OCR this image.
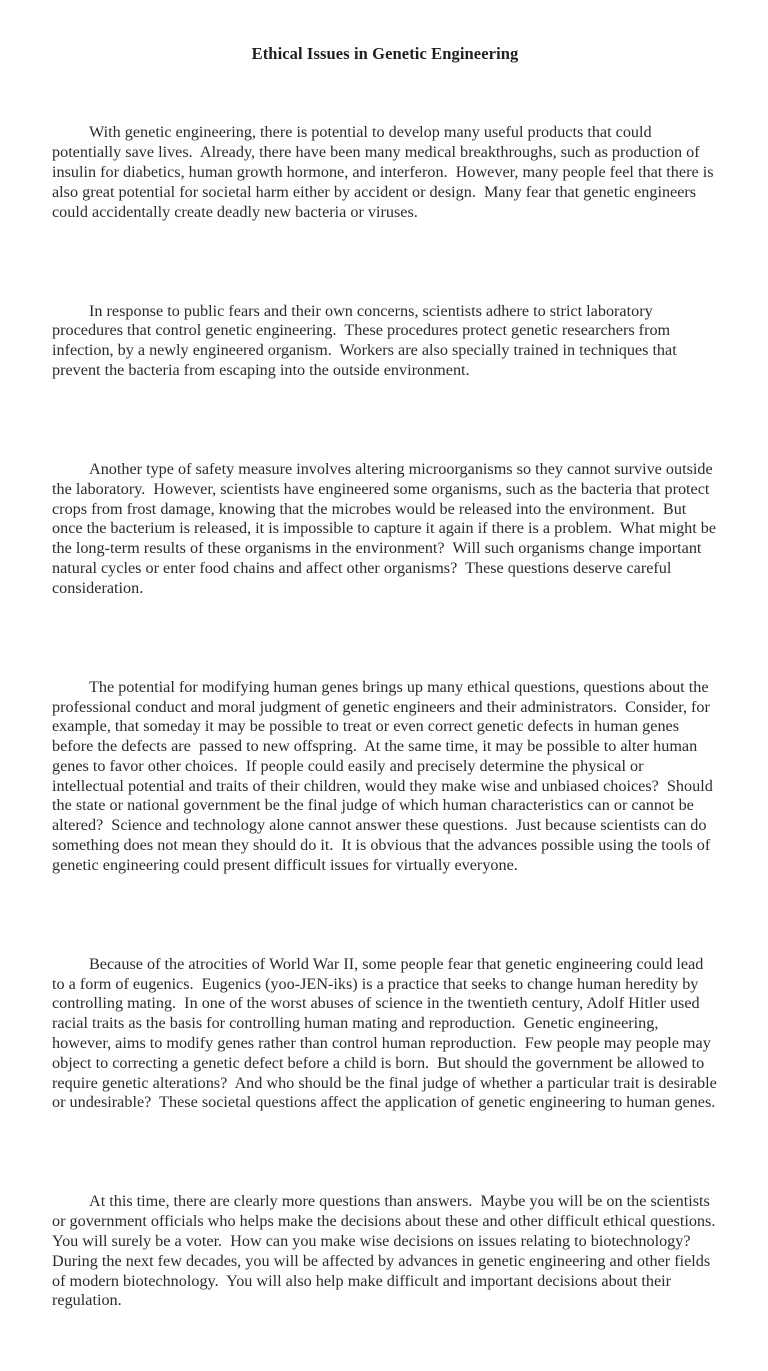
Ethical Issues in Genetic Engineering

With genetic engineering, there is potential to develop many useful products that could potentially save lives.  Already, there have been many medical breakthroughs, such as production of insulin for diabetics, human growth hormone, and interferon.  However, many people feel that there is also great potential for societal harm either by accident or design.  Many fear that genetic engineers could accidentally create deadly new bacteria or viruses.

In response to public fears and their own concerns, scientists adhere to strict laboratory procedures that control genetic engineering.  These procedures protect genetic researchers from infection, by a newly engineered organism.  Workers are also specially trained in techniques that prevent the bacteria from escaping into the outside environment.

Another type of safety measure involves altering microorganisms so they cannot survive outside the laboratory.  However, scientists have engineered some organisms, such as the bacteria that protect crops from frost damage, knowing that the microbes would be released into the environment.  But once the bacterium is released, it is impossible to capture it again if there is a problem.  What might be the long-term results of these organisms in the environment?  Will such organisms change important natural cycles or enter food chains and affect other organisms?  These questions deserve careful consideration.

The potential for modifying human genes brings up many ethical questions, questions about the professional conduct and moral judgment of genetic engineers and their administrators.  Consider, for example, that someday it may be possible to treat or even correct genetic defects in human genes before the defects are  passed to new offspring.  At the same time, it may be possible to alter human genes to favor other choices.  If people could easily and precisely determine the physical or intellectual potential and traits of their children, would they make wise and unbiased choices?  Should the state or national government be the final judge of which human characteristics can or cannot be altered?  Science and technology alone cannot answer these questions.  Just because scientists can do something does not mean they should do it.  It is obvious that the advances possible using the tools of genetic engineering could present difficult issues for virtually everyone.

Because of the atrocities of World War II, some people fear that genetic engineering could lead to a form of eugenics.  Eugenics (yoo-JEN-iks) is a practice that seeks to change human heredity by controlling mating.  In one of the worst abuses of science in the twentieth century, Adolf Hitler used racial traits as the basis for controlling human mating and reproduction.  Genetic engineering, however, aims to modify genes rather than control human reproduction.  Few people may people may object to correcting a genetic defect before a child is born.  But should the government be allowed to require genetic alterations?  And who should be the final judge of whether a particular trait is desirable or undesirable?  These societal questions affect the application of genetic engineering to human genes.

At this time, there are clearly more questions than answers.  Maybe you will be on the scientists or government officials who helps make the decisions about these and other difficult ethical questions.  You will surely be a voter.  How can you make wise decisions on issues relating to biotechnology?  During the next few decades, you will be affected by advances in genetic engineering and other fields of modern biotechnology.  You will also help make difficult and important decisions about their regulation.
